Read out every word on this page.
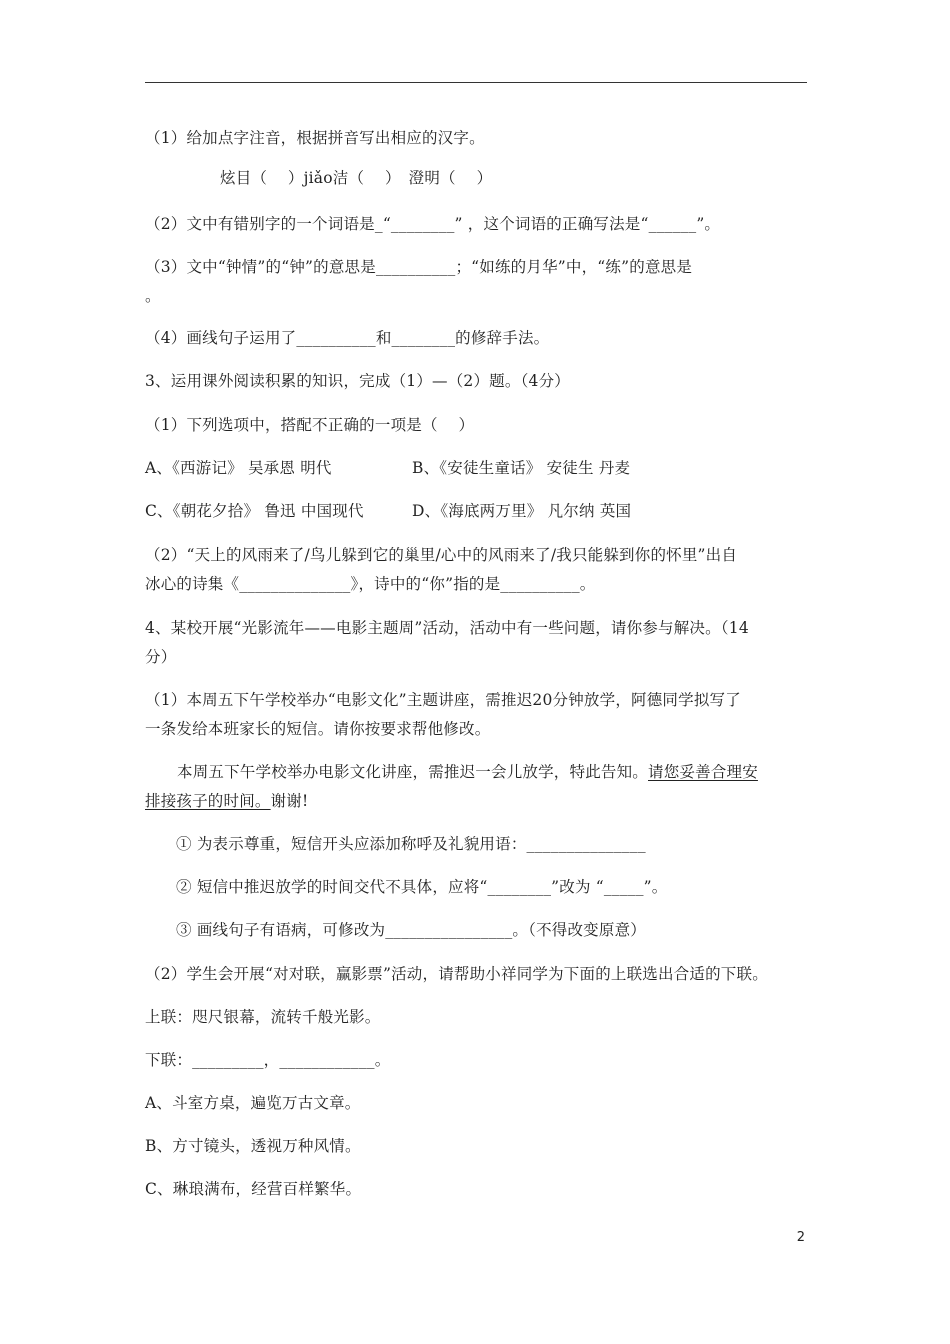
（1）给加点字注音，根据拼音写出相应的汉字。
炫目（　 ）jiǎo洁（　 ）　澄明（　 ）
（2）文中有错别字的一个词语是_“________” ，这个词语的正确写法是“______”。
（3）文中“钟情”的“钟”的意思是__________；“如练的月华”中，“练”的意思是
。
（4）画线句子运用了__________和________的修辞手法。
3、运用课外阅读积累的知识，完成（1）—（2）题。（4分）
（1）下列选项中，搭配不正确的一项是（　 ）
A、《西游记》 吴承恩 明代	B、《安徒生童话》 安徒生 丹麦
C、《朝花夕拾》 鲁迅 中国现代	D、《海底两万里》 凡尔纳 英国
（2）“天上的风雨来了/鸟儿躲到它的巢里/心中的风雨来了/我只能躲到你的怀里”出自
冰心的诗集《______________》，诗中的“你”指的是__________。
4、某校开展“光影流年——电影主题周”活动，活动中有一些问题，请你参与解决。（14
分）
（1）本周五下午学校举办“电影文化”主题讲座，需推迟20分钟放学，阿德同学拟写了
一条发给本班家长的短信。请你按要求帮他修改。
本周五下午学校举办电影文化讲座，需推迟一会儿放学，特此告知。请您妥善合理安
排接孩子的时间。谢谢!
① 为表示尊重，短信开头应添加称呼及礼貌用语：_______________
② 短信中推迟放学的时间交代不具体，应将“________”改为 “_____”。
③ 画线句子有语病，可修改为________________。（不得改变原意）
（2）学生会开展“对对联，赢影票”活动，请帮助小祥同学为下面的上联选出合适的下联。
上联：咫尺银幕，流转千般光影。
下联：_________，____________。
A、斗室方桌，遍览万古文章。
B、方寸镜头，透视万种风情。
C、琳琅满布，经营百样繁华。
2
